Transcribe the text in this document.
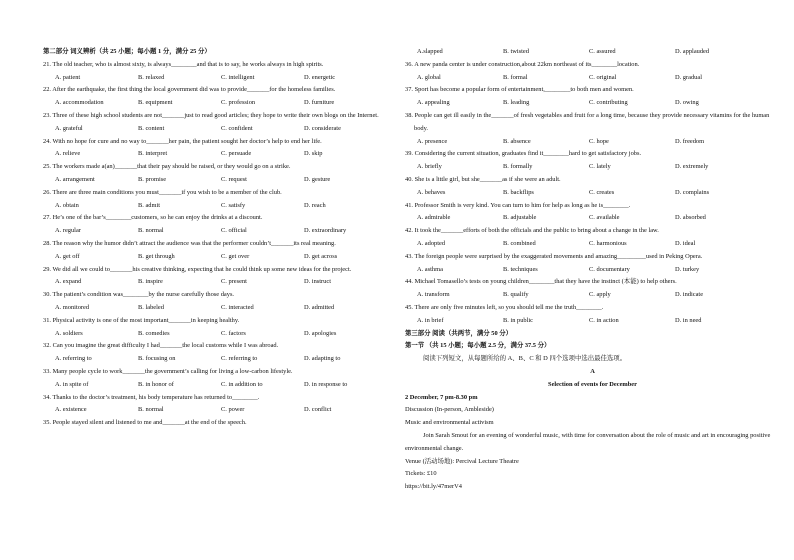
第二部分 词义辨析（共 25 小题；每小题 1 分，满分 25 分）
21. The old teacher, who is almost sixty, is always________and that is to say, he works always in high spirits.
A. patient	B. relaxed	C. intelligent	D. energetic
22. After the earthquake, the first thing the local government did was to provide_______for the homeless families.
A. accommodation	B. equipment	C. profession	D. furniture
23. Three of these high school students are not_______just to read good articles; they hope to write their own blogs on the Internet.
A. grateful	B. content	C. confident	D. considerate
24. With no hope for cure and no way to_______her pain, the patient sought her doctor’s help to end her life.
A. relieve	B. interpret	C. persuade	D. skip
25. The workers made a(an)_______that their pay should be raised, or they would go on a strike.
A. arrangement	B. promise	C. request	D. gesture
26. There are three main conditions you must_______if you wish to be a member of the club.
A. obtain	B. admit	C. satisfy	D. reach
27. He’s one of the bar’s________customers, so he can enjoy the drinks at a discount.
A. regular	B. normal	C. official	D. extraordinary
28. The reason why the humor didn’t attract the audience was that the performer couldn’t_______its real meaning.
A. get off	B. get through	C. get over	D. get across
29. We did all we could to_______his creative thinking, expecting that he could think up some new ideas for the project.
A. expand	B. inspire	C. present	D. instruct
30. The patient’s condition was________by the nurse carefully those days.
A. monitored	B. labeled	C. interacted	D. admitted
31. Physical activity is one of the most important_______in keeping healthy.
A. soldiers	B. comedies	C. factors	D. apologies
32. Can you imagine the great difficulty I had_______the local customs while I was abroad.
A. referring to	B. focusing on	C. referring to	D. adapting to
33. Many people cycle to work_______the government’s calling for living a low-carbon lifestyle.
A. in spite of	B. in honor of	C. in addition to	D. in response to
34. Thanks to the doctor’s treatment, his body temperature has returned to________.
A. existence	B. normal	C. power	D. conflict
35. People stayed silent and listened to me and_______at the end of the speech.
A.slapped	B. twisted	C. assured	D. applauded
36. A new panda center is under construction,about 22km northeast of its________location.
A. global	B. formal	C. original	D. gradual
37. Sport has become a popular form of entertainment,________to both men and women.
A. appealing	B. leading	C. contributing	D. owing
38. People can get ill easily in the_______of fresh vegetables and fruit for a long time, because they provide necessary vitamins for the human body.
A. presence	B. absence	C. hope	D. freedom
39. Considering the current situation, graduates find it________hard to get satisfactory jobs.
A. briefly	B. formally	C. lately	D. extremely
40. She is a little girl, but she_______as if she were an adult.
A. behaves	B. backflips	C. creates	D. complains
41. Professor Smith is very kind. You can turn to him for help as long as he is________.
A. admirable	B. adjustable	C. available	D. absorbed
42. It took the_______efforts of both the officials and the public to bring about a change in the law.
A. adopted	B. combined	C. harmonious	D. ideal
43. The foreign people were surprised by the exaggerated movements and amazing_________used in Peking Opera.
A. asthma	B. techniques	C. documentary	D. turkey
44. Michael Tomasello’s tests on young children________that they have the instinct (本能) to help others.
A. transform	B. qualify	C. apply	D. indicate
45. There are only five minutes left, so you should tell me the truth________.
A. in brief	B. in public	C. in action	D. in need
第三部分 阅读（共两节，满分 50 分）
第一节 （共 15 小题；每小题 2.5 分，满分 37.5 分）
阅读下列短文，从每题所给的 A、B、C 和 D 四个选项中选出最佳选项。
A
Selection of events for December
2 December, 7 pm-8.30 pm
Discussion (In-person, Ambleside)
Music and environmental activism
Join Sarah Smout for an evening of wonderful music, with time for conversation about the role of music and art in encouraging positive environmental change.
Venue (活动场地): Percival Lecture Theatre
Tickets: £10
https://bit.ly/47merV4
